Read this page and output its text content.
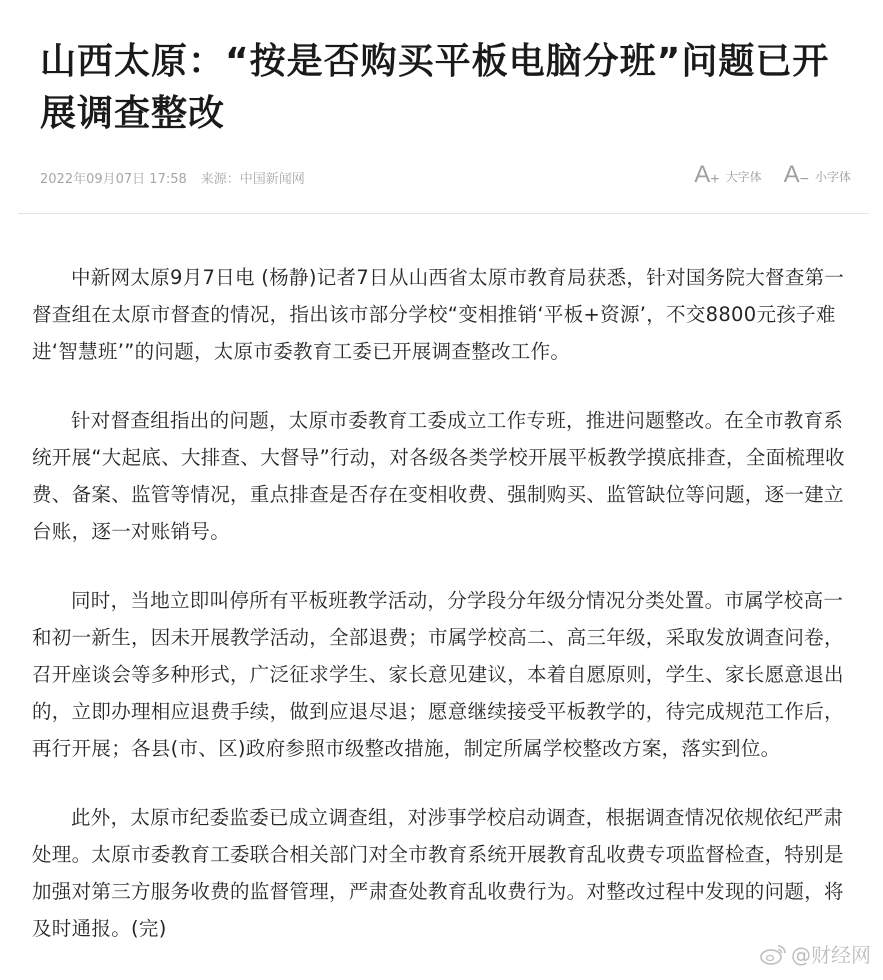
山西太原：“按是否购买平板电脑分班”问题已开展调查整改
2022年09月07日 17:58 来源：中国新闻网	$A_+$ 大字体 $A_-$ 小字体

中新网太原9月7日电 (杨静)记者7日从山西省太原市教育局获悉，针对国务院大督查第一督查组在太原市督查的情况，指出该市部分学校“变相推销‘平板+资源’，不交8800元孩子难进‘智慧班’”的问题，太原市委教育工委已开展调查整改工作。

针对督查组指出的问题，太原市委教育工委成立工作专班，推进问题整改。在全市教育系统开展“大起底、大排查、大督导”行动，对各级各类学校开展平板教学摸底排查，全面梳理收费、备案、监管等情况，重点排查是否存在变相收费、强制购买、监管缺位等问题，逐一建立台账，逐一对账销号。

同时，当地立即叫停所有平板班教学活动，分学段分年级分情况分类处置。市属学校高一和初一新生，因未开展教学活动，全部退费；市属学校高二、高三年级，采取发放调查问卷，召开座谈会等多种形式，广泛征求学生、家长意见建议，本着自愿原则，学生、家长愿意退出的，立即办理相应退费手续，做到应退尽退；愿意继续接受平板教学的，待完成规范工作后，再行开展；各县(市、区)政府参照市级整改措施，制定所属学校整改方案，落实到位。

此外，太原市纪委监委已成立调查组，对涉事学校启动调查，根据调查情况依规依纪严肃处理。太原市委教育工委联合相关部门对全市教育系统开展教育乱收费专项监督检查，特别是加强对第三方服务收费的监督管理，严肃查处教育乱收费行为。对整改过程中发现的问题，将及时通报。(完)

@财经网
